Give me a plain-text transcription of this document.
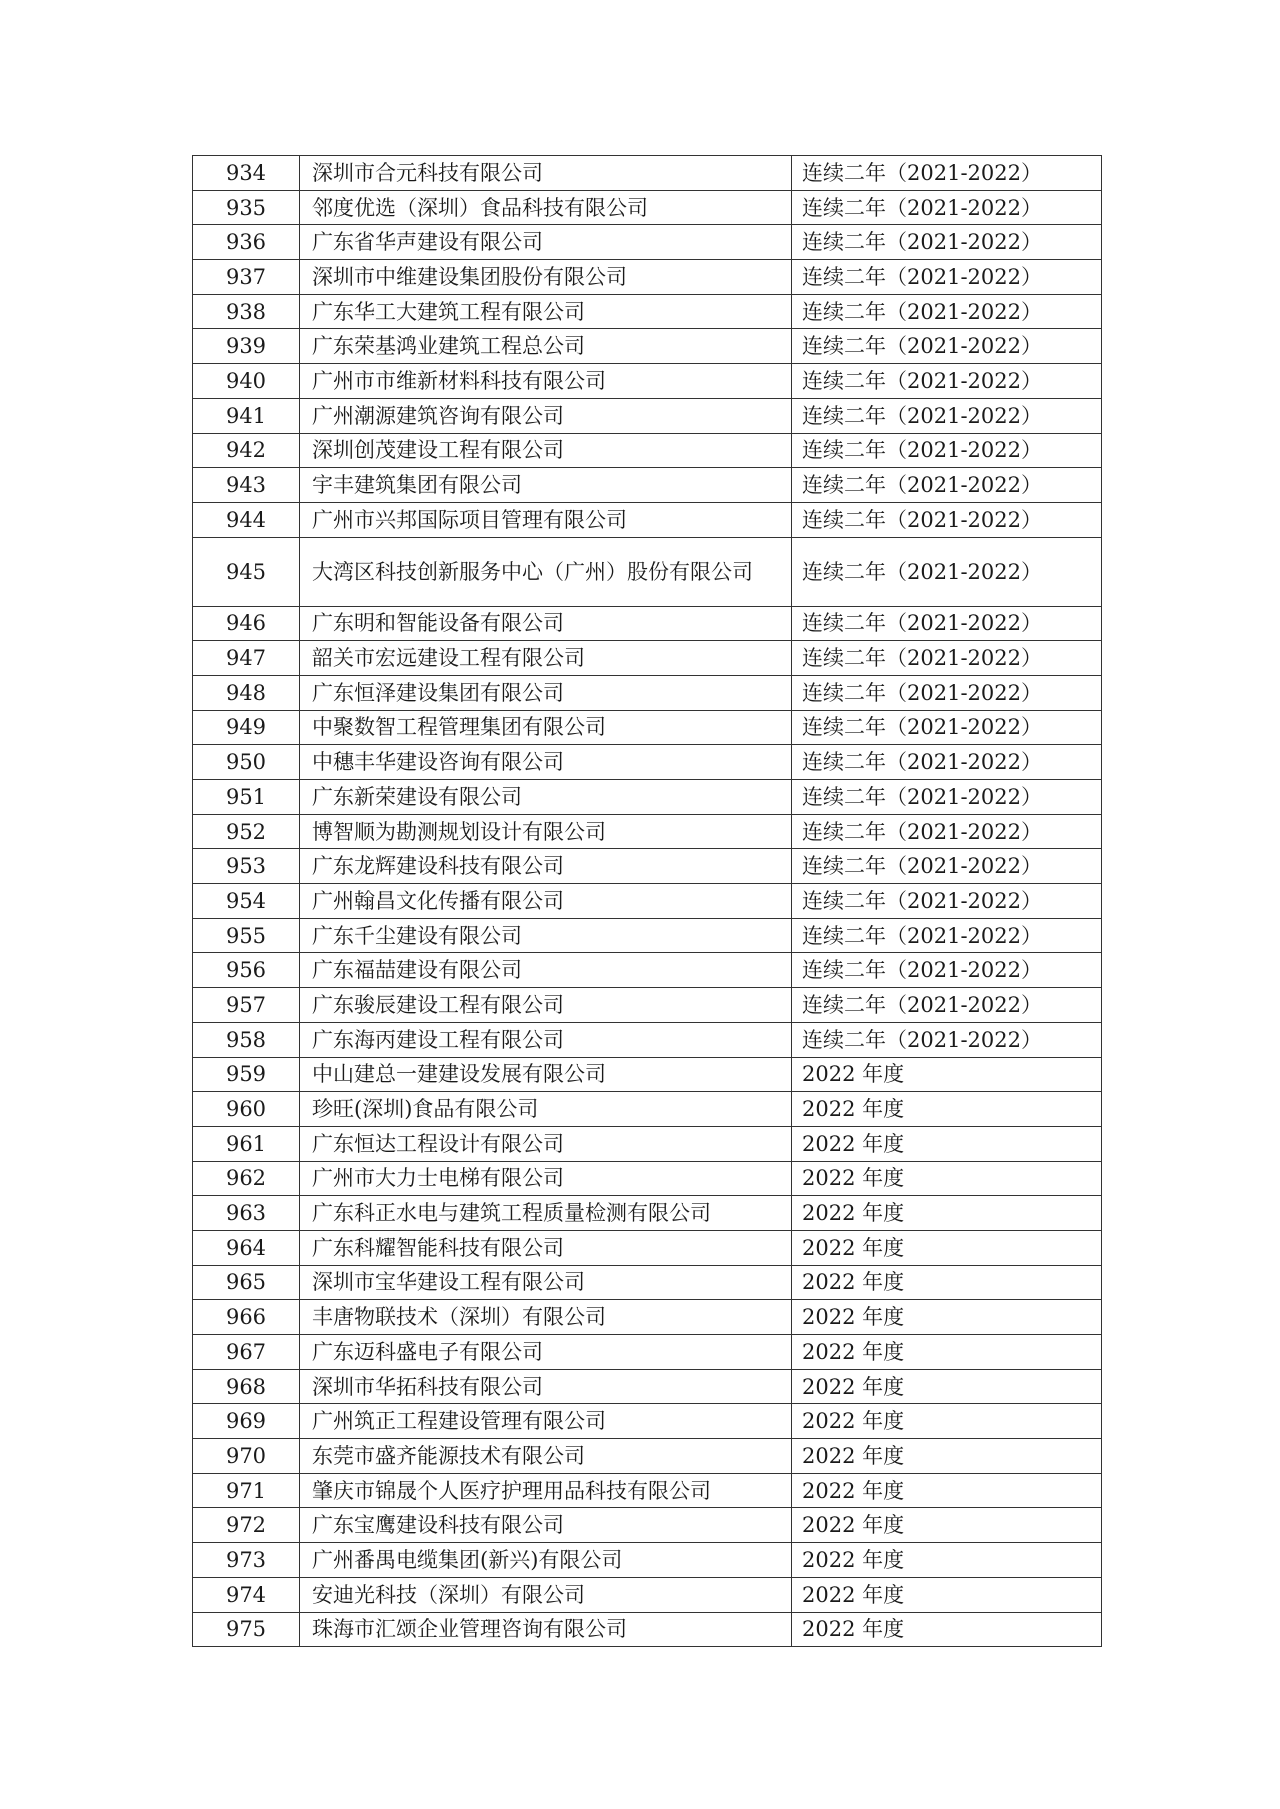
934	深圳市合元科技有限公司	连续二年（2021-2022）
935	邻度优选（深圳）食品科技有限公司	连续二年（2021-2022）
936	广东省华声建设有限公司	连续二年（2021-2022）
937	深圳市中维建设集团股份有限公司	连续二年（2021-2022）
938	广东华工大建筑工程有限公司	连续二年（2021-2022）
939	广东荣基鸿业建筑工程总公司	连续二年（2021-2022）
940	广州市市维新材料科技有限公司	连续二年（2021-2022）
941	广州潮源建筑咨询有限公司	连续二年（2021-2022）
942	深圳创茂建设工程有限公司	连续二年（2021-2022）
943	宇丰建筑集团有限公司	连续二年（2021-2022）
944	广州市兴邦国际项目管理有限公司	连续二年（2021-2022）
945	大湾区科技创新服务中心（广州）股份有限公司	连续二年（2021-2022）
946	广东明和智能设备有限公司	连续二年（2021-2022）
947	韶关市宏远建设工程有限公司	连续二年（2021-2022）
948	广东恒泽建设集团有限公司	连续二年（2021-2022）
949	中聚数智工程管理集团有限公司	连续二年（2021-2022）
950	中穗丰华建设咨询有限公司	连续二年（2021-2022）
951	广东新荣建设有限公司	连续二年（2021-2022）
952	博智顺为勘测规划设计有限公司	连续二年（2021-2022）
953	广东龙辉建设科技有限公司	连续二年（2021-2022）
954	广州翰昌文化传播有限公司	连续二年（2021-2022）
955	广东千尘建设有限公司	连续二年（2021-2022）
956	广东福喆建设有限公司	连续二年（2021-2022）
957	广东骏辰建设工程有限公司	连续二年（2021-2022）
958	广东海丙建设工程有限公司	连续二年（2021-2022）
959	中山建总一建建设发展有限公司	2022 年度
960	珍旺(深圳)食品有限公司	2022 年度
961	广东恒达工程设计有限公司	2022 年度
962	广州市大力士电梯有限公司	2022 年度
963	广东科正水电与建筑工程质量检测有限公司	2022 年度
964	广东科耀智能科技有限公司	2022 年度
965	深圳市宝华建设工程有限公司	2022 年度
966	丰唐物联技术（深圳）有限公司	2022 年度
967	广东迈科盛电子有限公司	2022 年度
968	深圳市华拓科技有限公司	2022 年度
969	广州筑正工程建设管理有限公司	2022 年度
970	东莞市盛齐能源技术有限公司	2022 年度
971	肇庆市锦晟个人医疗护理用品科技有限公司	2022 年度
972	广东宝鹰建设科技有限公司	2022 年度
973	广州番禺电缆集团(新兴)有限公司	2022 年度
974	安迪光科技（深圳）有限公司	2022 年度
975	珠海市汇颂企业管理咨询有限公司	2022 年度
